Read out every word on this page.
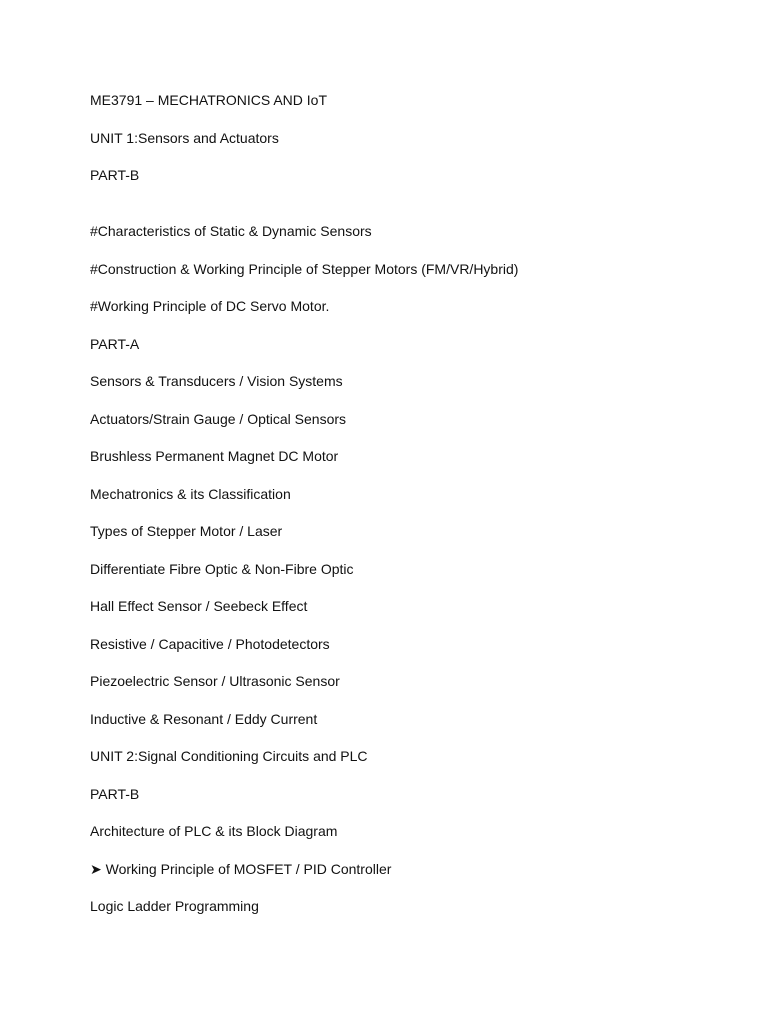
ME3791 – MECHATRONICS AND IoT
UNIT 1:Sensors and Actuators
PART-B
#Characteristics of Static & Dynamic Sensors
#Construction & Working Principle of Stepper Motors (FM/VR/Hybrid)
#Working Principle of DC Servo Motor.
PART-A
Sensors & Transducers / Vision Systems
Actuators/Strain Gauge / Optical Sensors
Brushless Permanent Magnet DC Motor
Mechatronics & its Classification
Types of Stepper Motor / Laser
Differentiate Fibre Optic & Non-Fibre Optic
Hall Effect Sensor / Seebeck Effect
Resistive / Capacitive / Photodetectors
Piezoelectric Sensor / Ultrasonic Sensor
Inductive & Resonant / Eddy Current
UNIT 2:Signal Conditioning Circuits and PLC
PART-B
Architecture of PLC & its Block Diagram
➤ Working Principle of MOSFET / PID Controller
Logic Ladder Programming
